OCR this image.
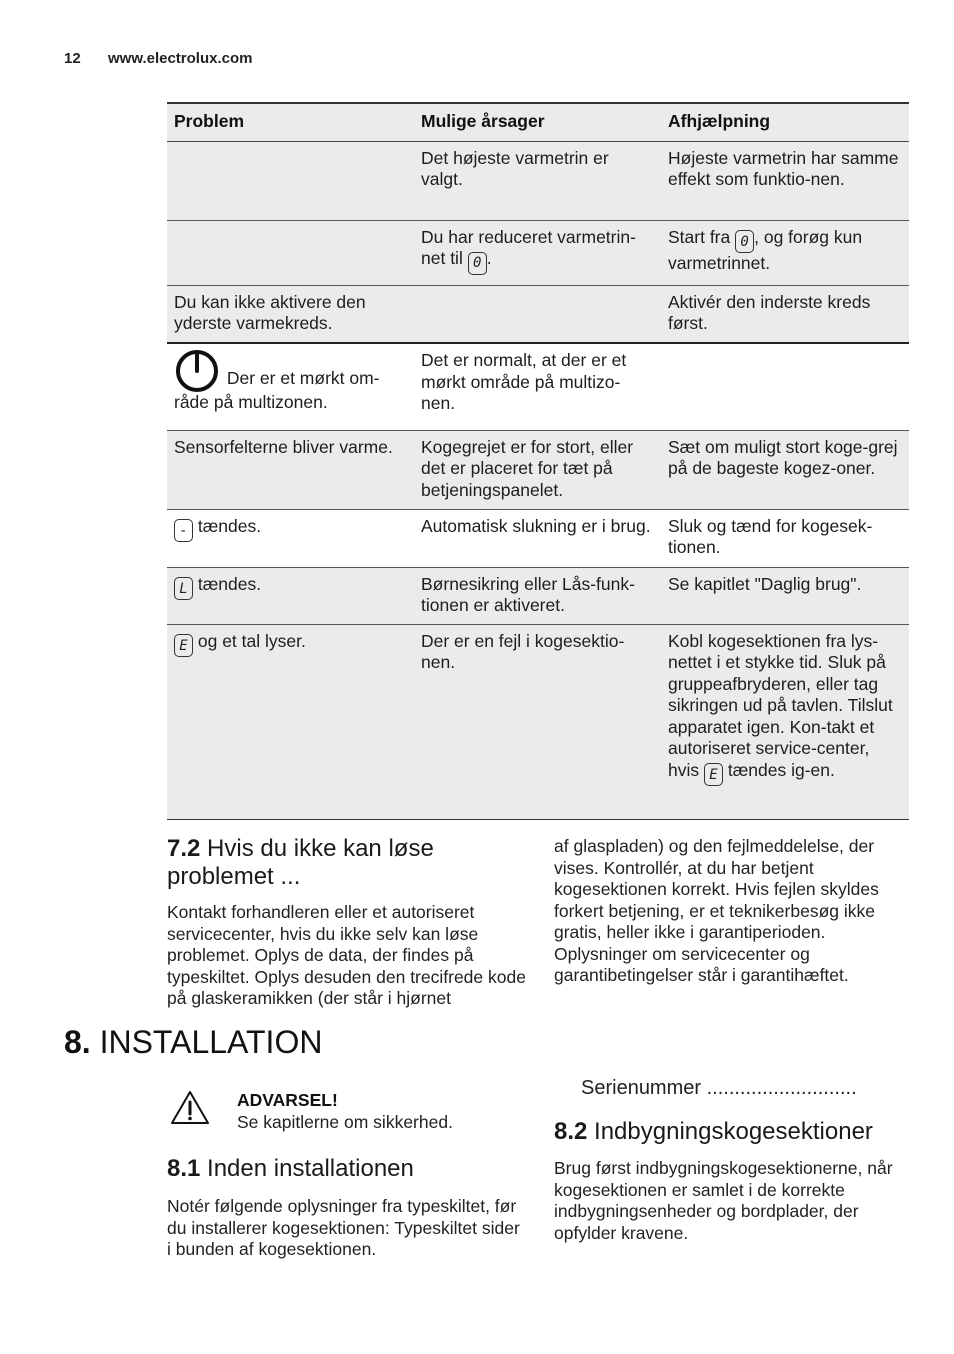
12 www.electrolux.com
Problem	Mulige årsager	Afhjælpning
	Det højeste varmetrin er valgt.	Højeste varmetrin har samme effekt som funktio-nen.
	Du har reduceret varmetrin-net til 0 .	Start fra 0 , og forøg kun varmetrinnet.
Du kan ikke aktivere den yderste varmekreds.		Aktivér den inderste kreds først.
Der er et mørkt om-råde på multizonen.	Det er normalt, at der er et mørkt område på multizo-nen.	
Sensorfelterne bliver varme.	Kogegrejet er for stort, eller det er placeret for tæt på betjeningspanelet.	Sæt om muligt stort koge-grej på de bageste kogez-oner.
- tændes.	Automatisk slukning er i brug.	Sluk og tænd for kogesek-tionen.
L tændes.	Børnesikring eller Lås-funk-tionen er aktiveret.	Se kapitlet "Daglig brug".
E og et tal lyser.	Der er en fejl i kogesektio-nen.	Kobl kogesektionen fra lys-nettet i et stykke tid. Sluk på gruppeafbryderen, eller tag sikringen ud på tavlen. Tilslut apparatet igen. Kon-takt et autoriseret service-center, hvis E tændes ig-en.
7.2 Hvis du ikke kan løse problemet ...

Kontakt forhandleren eller et autoriseret servicecenter, hvis du ikke selv kan løse problemet. Oplys de data, der findes på typeskiltet. Oplys desuden den trecifrede kode på glaskeramikken (der står i hjørnet

af glaspladen) og den fejlmeddelelse, der vises. Kontrollér, at du har betjent kogesektionen korrekt. Hvis fejlen skyldes forkert betjening, er et teknikerbesøg ikke gratis, heller ikke i garantiperioden. Oplysninger om servicecenter og garantibetingelser står i garantihæftet.

8. INSTALLATION
ADVARSEL!
Se kapitlerne om sikkerhed.
8.1 Inden installationen

Notér følgende oplysninger fra typeskiltet, før du installerer kogesektionen: Typeskiltet sider i bunden af kogesektionen.

Serienummer ...........................
8.2 Indbygningskogesektioner

Brug først indbygningskogesektionerne, når kogesektionen er samlet i de korrekte indbygningsenheder og bordplader, der opfylder kravene.
